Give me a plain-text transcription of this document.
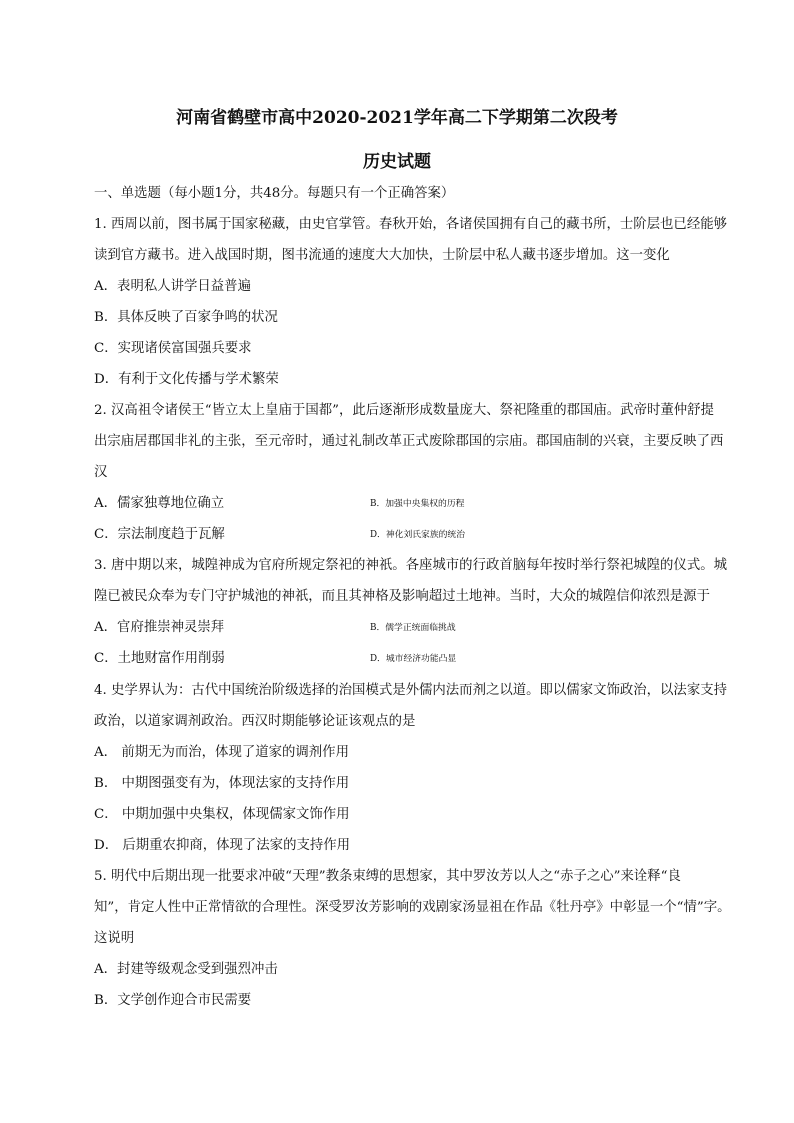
河南省鹤壁市高中2020-2021学年高二下学期第二次段考
历史试题

一、单选题（每小题1分，共48分。每题只有一个正确答案）

1. 西周以前，图书属于国家秘藏，由史官掌管。春秋开始，各诸侯国拥有自己的藏书所，士阶层也已经能够

读到官方藏书。进入战国时期，图书流通的速度大大加快，士阶层中私人藏书逐步增加。这一变化

A．表明私人讲学日益普遍

B．具体反映了百家争鸣的状况

C．实现诸侯富国强兵要求

D．有利于文化传播与学术繁荣

2. 汉高祖令诸侯王“皆立太上皇庙于国都”，此后逐渐形成数量庞大、祭祀隆重的郡国庙。武帝时董仲舒提

出宗庙居郡国非礼的主张，至元帝时，通过礼制改革正式废除郡国的宗庙。郡国庙制的兴衰，主要反映了西

汉

A．儒家独尊地位确立	B．加强中央集权的历程

C．宗法制度趋于瓦解	D．神化刘氏家族的统治

3. 唐中期以来，城隍神成为官府所规定祭祀的神祇。各座城市的行政首脑每年按时举行祭祀城隍的仪式。城

隍已被民众奉为专门守护城池的神祇，而且其神格及影响超过土地神。当时，大众的城隍信仰浓烈是源于

A．官府推崇神灵崇拜	B．儒学正统面临挑战

C．土地财富作用削弱	D．城市经济功能凸显

4. 史学界认为：古代中国统治阶级选择的治国模式是外儒内法而剂之以道。即以儒家文饰政治，以法家支持

政治，以道家调剂政治。西汉时期能够论证该观点的是

A． 前期无为而治，体现了道家的调剂作用

B． 中期图强变有为，体现法家的支持作用

C． 中期加强中央集权，体现儒家文饰作用

D． 后期重农抑商，体现了法家的支持作用

5. 明代中后期出现一批要求冲破“天理”教条束缚的思想家，其中罗汝芳以人之“赤子之心”来诠释“良

知”，肯定人性中正常情欲的合理性。深受罗汝芳影响的戏剧家汤显祖在作品《牡丹亭》中彰显一个“情”字。

这说明

A．封建等级观念受到强烈冲击

B．文学创作迎合市民需要
